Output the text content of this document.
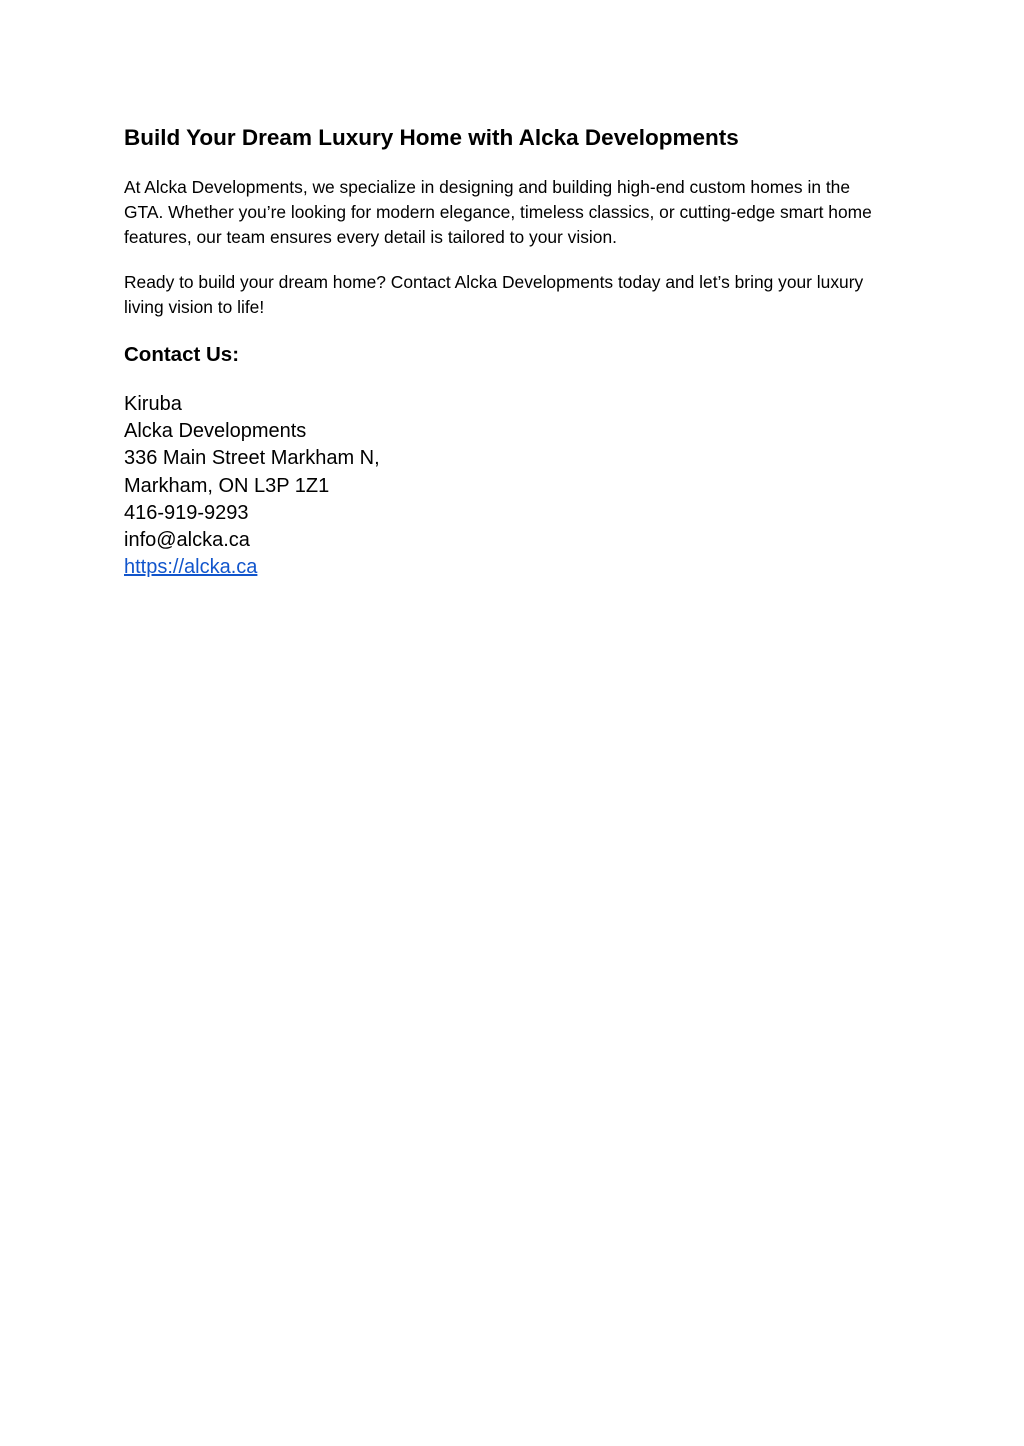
Build Your Dream Luxury Home with Alcka Developments

At Alcka Developments, we specialize in designing and building high-end custom homes in the GTA. Whether you’re looking for modern elegance, timeless classics, or cutting-edge smart home features, our team ensures every detail is tailored to your vision.

Ready to build your dream home? Contact Alcka Developments today and let’s bring your luxury living vision to life!

Contact Us:
Kiruba
Alcka Developments
336 Main Street Markham N,
Markham, ON L3P 1Z1
416-919-9293
info@alcka.ca
https://alcka.ca
